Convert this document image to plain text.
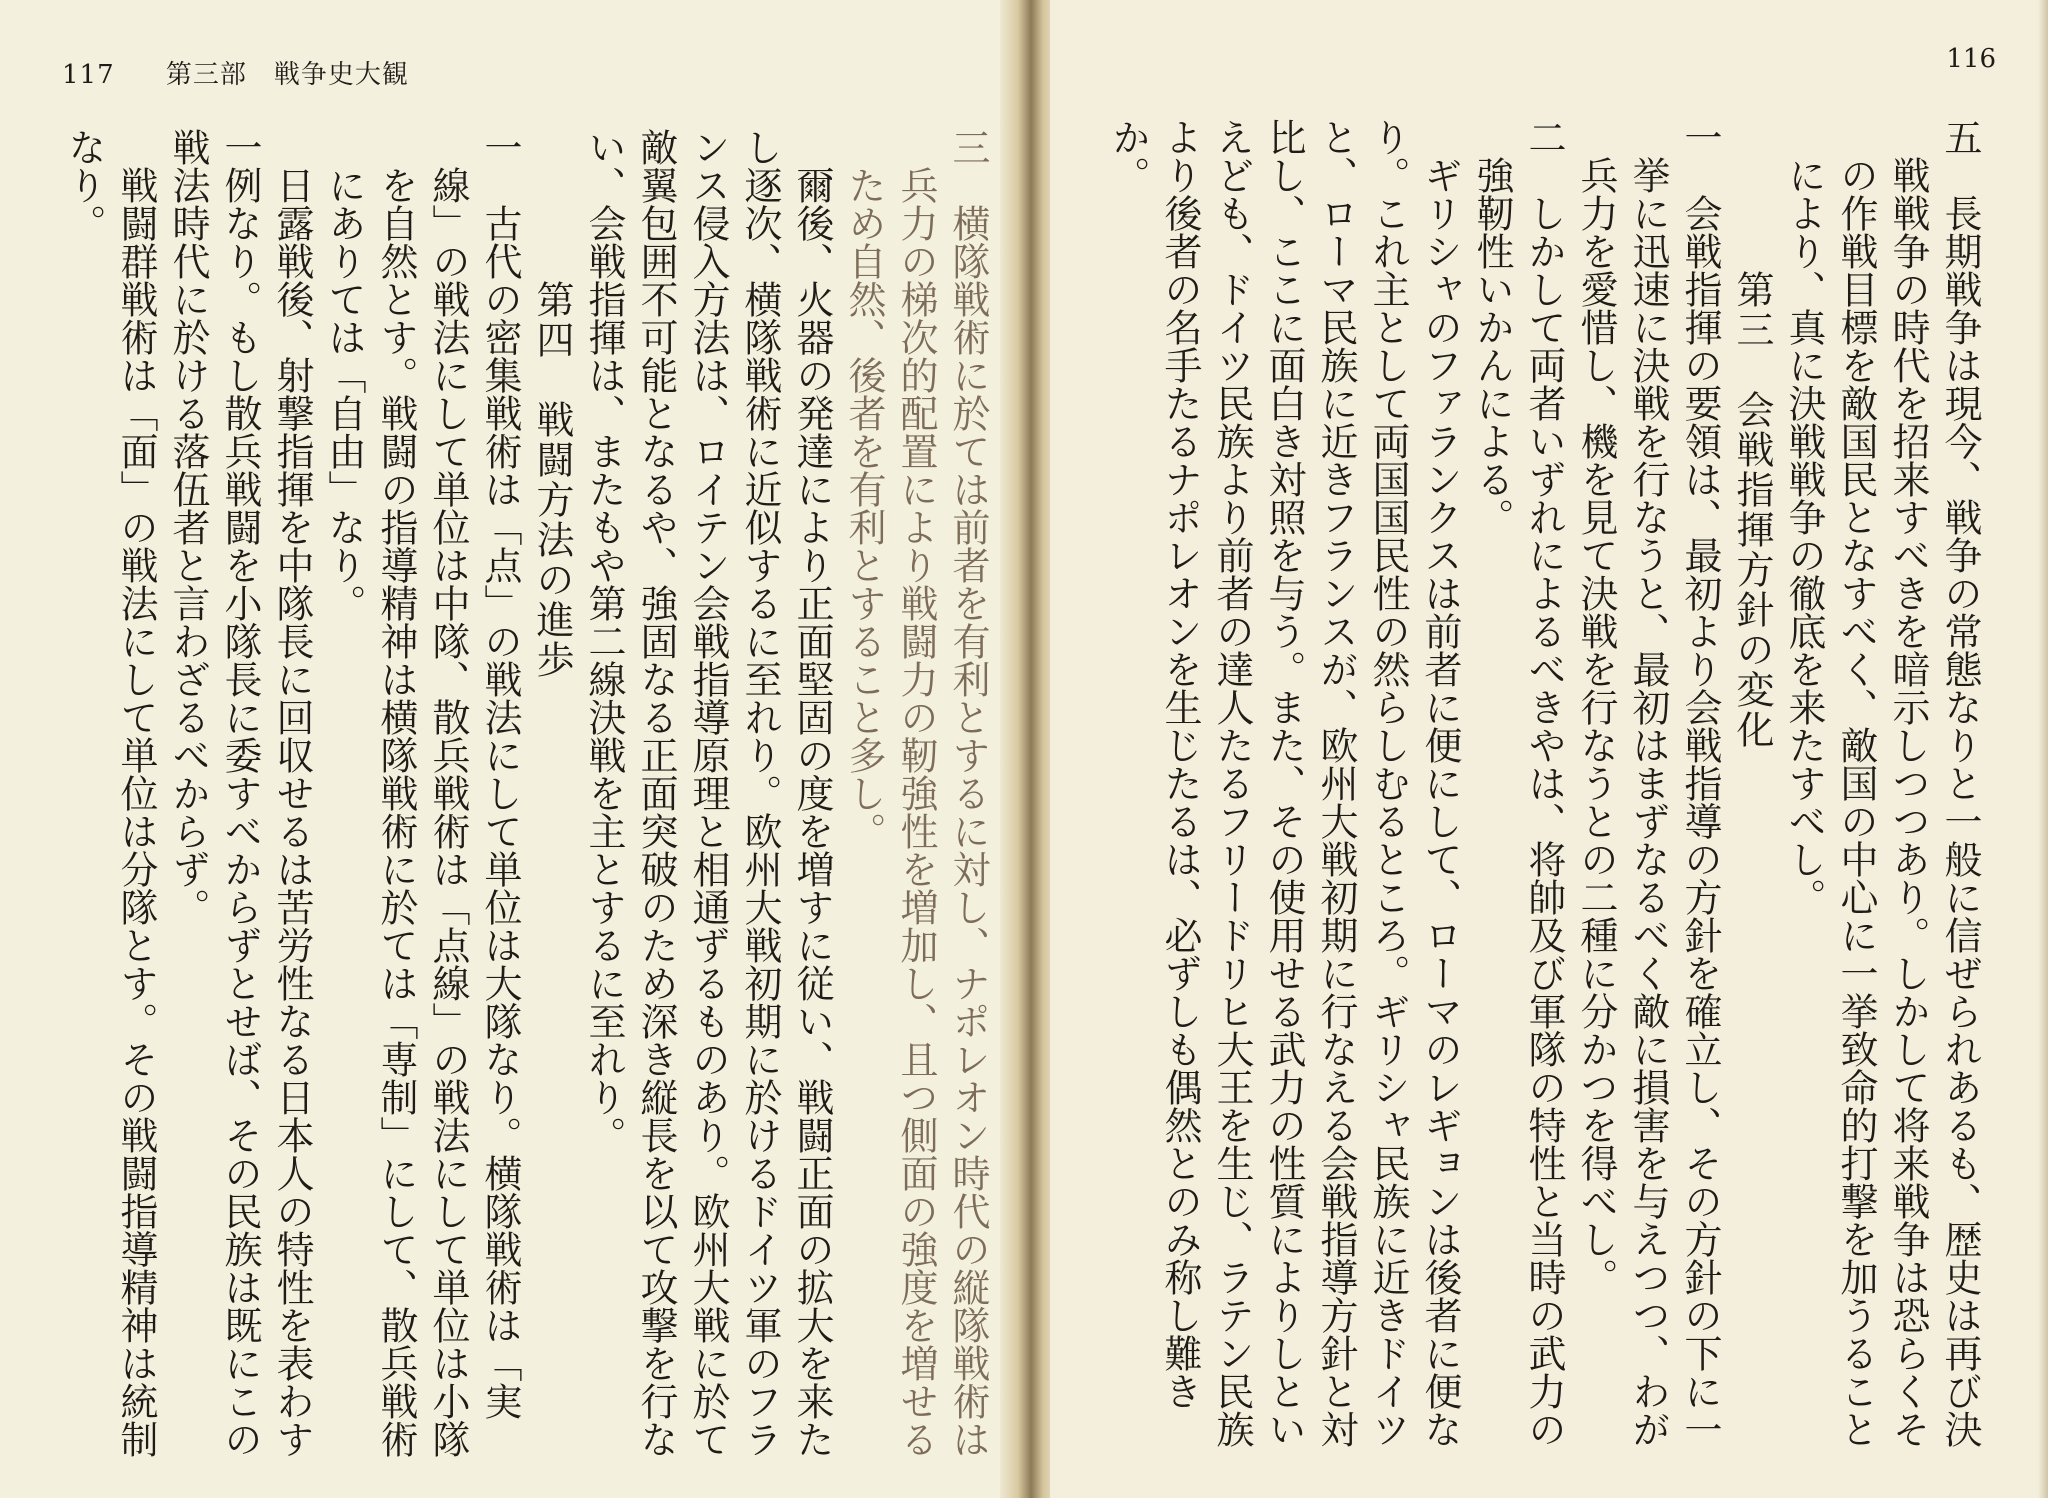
117 第三部　戦争史大観

三　横隊戦術に於ては前者を有利とするに対し、ナポレオン時代の縦隊戦術は兵力の梯次的配置により戦闘力の靭強性を増加し、且つ側面の強度を増せるため自然、後者を有利とすること多し。

爾後、火器の発達により正面堅固の度を増すに従い、戦闘正面の拡大を来たし逐次、横隊戦術に近似するに至れり。欧州大戦初期に於けるドイツ軍のフランス侵入方法は、ロイテン会戦指導原理と相通ずるものあり。欧州大戦に於て敵翼包囲不可能となるや、強固なる正面突破のため深き縦長を以て攻撃を行ない、会戦指揮は、またもや第二線決戦を主とするに至れり。

第四　戦闘方法の進歩

一　古代の密集戦術は「点」の戦法にして単位は大隊なり。横隊戦術は「実線」の戦法にして単位は中隊、散兵戦術は「点線」の戦法にして単位は小隊を自然とす。戦闘の指導精神は横隊戦術に於ては「専制」にして、散兵戦術にありては「自由」なり。

日露戦後、射撃指揮を中隊長に回収せるは苦労性なる日本人の特性を表わす一例なり。もし散兵戦闘を小隊長に委すべからずとせば、その民族は既にこの戦法時代に於ける落伍者と言わざるべからず。

戦闘群戦術は「面」の戦法にして単位は分隊とす。その戦闘指導精神は統制なり。

116

五　長期戦争は現今、戦争の常態なりと一般に信ぜられあるも、歴史は再び決戦戦争の時代を招来すべきを暗示しつつあり。しかして将来戦争は恐らくその作戦目標を敵国民となすべく、敵国の中心に一挙致命的打撃を加うることにより、真に決戦戦争の徹底を来たすべし。

第三　会戦指揮方針の変化

一　会戦指揮の要領は、最初より会戦指導の方針を確立し、その方針の下に一挙に迅速に決戦を行なうと、最初はまずなるべく敵に損害を与えつつ、わが兵力を愛惜し、機を見て決戦を行なうとの二種に分かつを得べし。

二　しかして両者いずれによるべきやは、将帥及び軍隊の特性と当時の武力の強靭性いかんによる。

ギリシャのファランクスは前者に便にして、ローマのレギョンは後者に便なり。これ主として両国国民性の然らしむるところ。ギリシャ民族に近きドイツと、ローマ民族に近きフランスが、欧州大戦初期に行なえる会戦指導方針と対比し、ここに面白き対照を与う。また、その使用せる武力の性質によりしといえども、ドイツ民族より前者の達人たるフリードリヒ大王を生じ、ラテン民族より後者の名手たるナポレオンを生じたるは、必ずしも偶然とのみ称し難きか。
